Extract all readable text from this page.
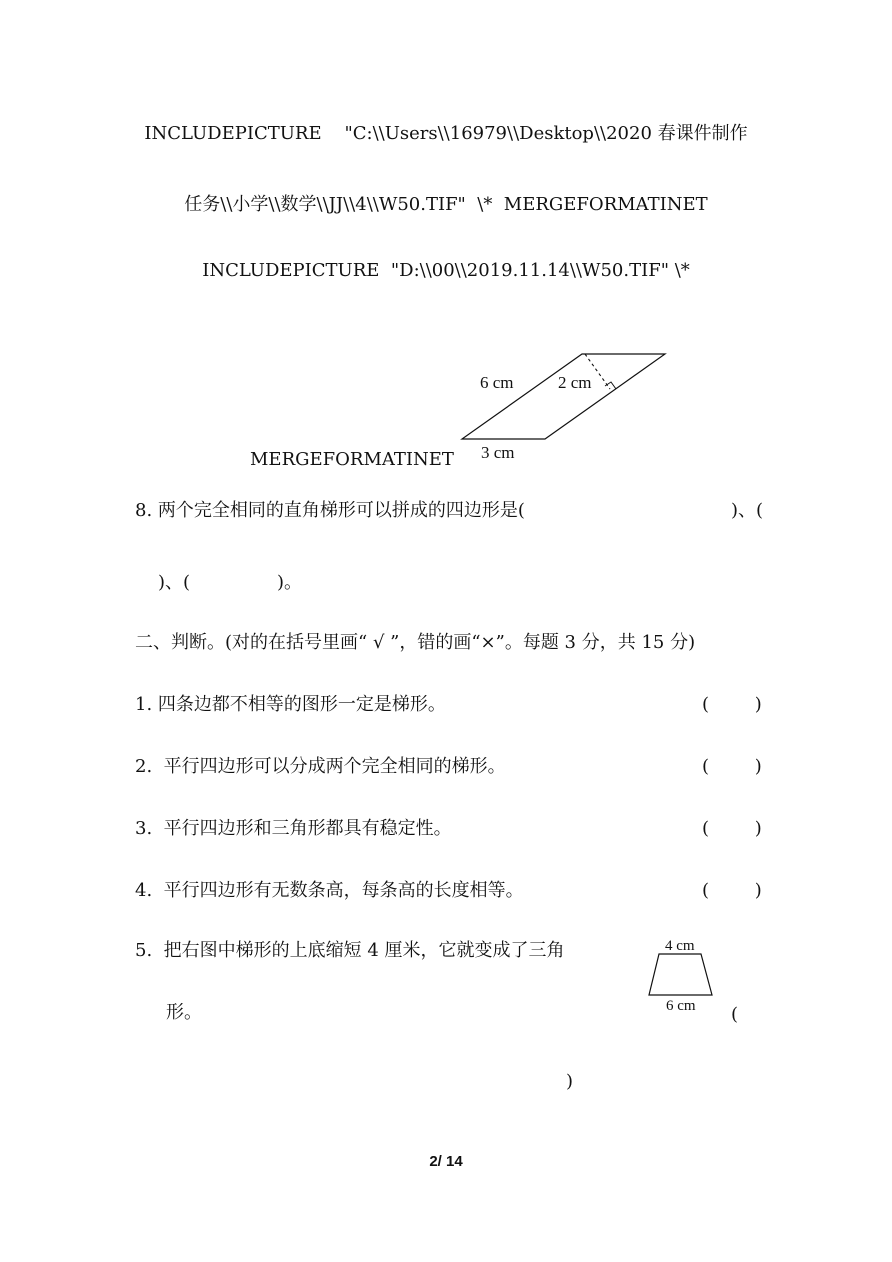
INCLUDEPICTURE    "C:\\Users\\16979\\Desktop\\2020 春课件制作
任务\\小学\\数学\\JJ\\4\\W50.TIF"  \*  MERGEFORMATINET
INCLUDEPICTURE  "D:\\00\\2019.11.14\\W50.TIF" \*
MERGEFORMATINET
6 cm	2 cm
3 cm
8. 两个完全相同的直角梯形可以拼成的四边形是(	)、(
)、(	)。
二、判断。(对的在括号里画“ √ ”，错的画“×”。每题 3 分，共 15 分)
1. 四条边都不相等的图形一定是梯形。	(        )
2.  平行四边形可以分成两个完全相同的梯形。	(        )
3.  平行四边形和三角形都具有稳定性。	(        )
4.  平行四边形有无数条高，每条高的长度相等。	(        )
5.  把右图中梯形的上底缩短 4 厘米，它就变成了三角
形。	(
)
4 cm
6 cm
2/ 14
